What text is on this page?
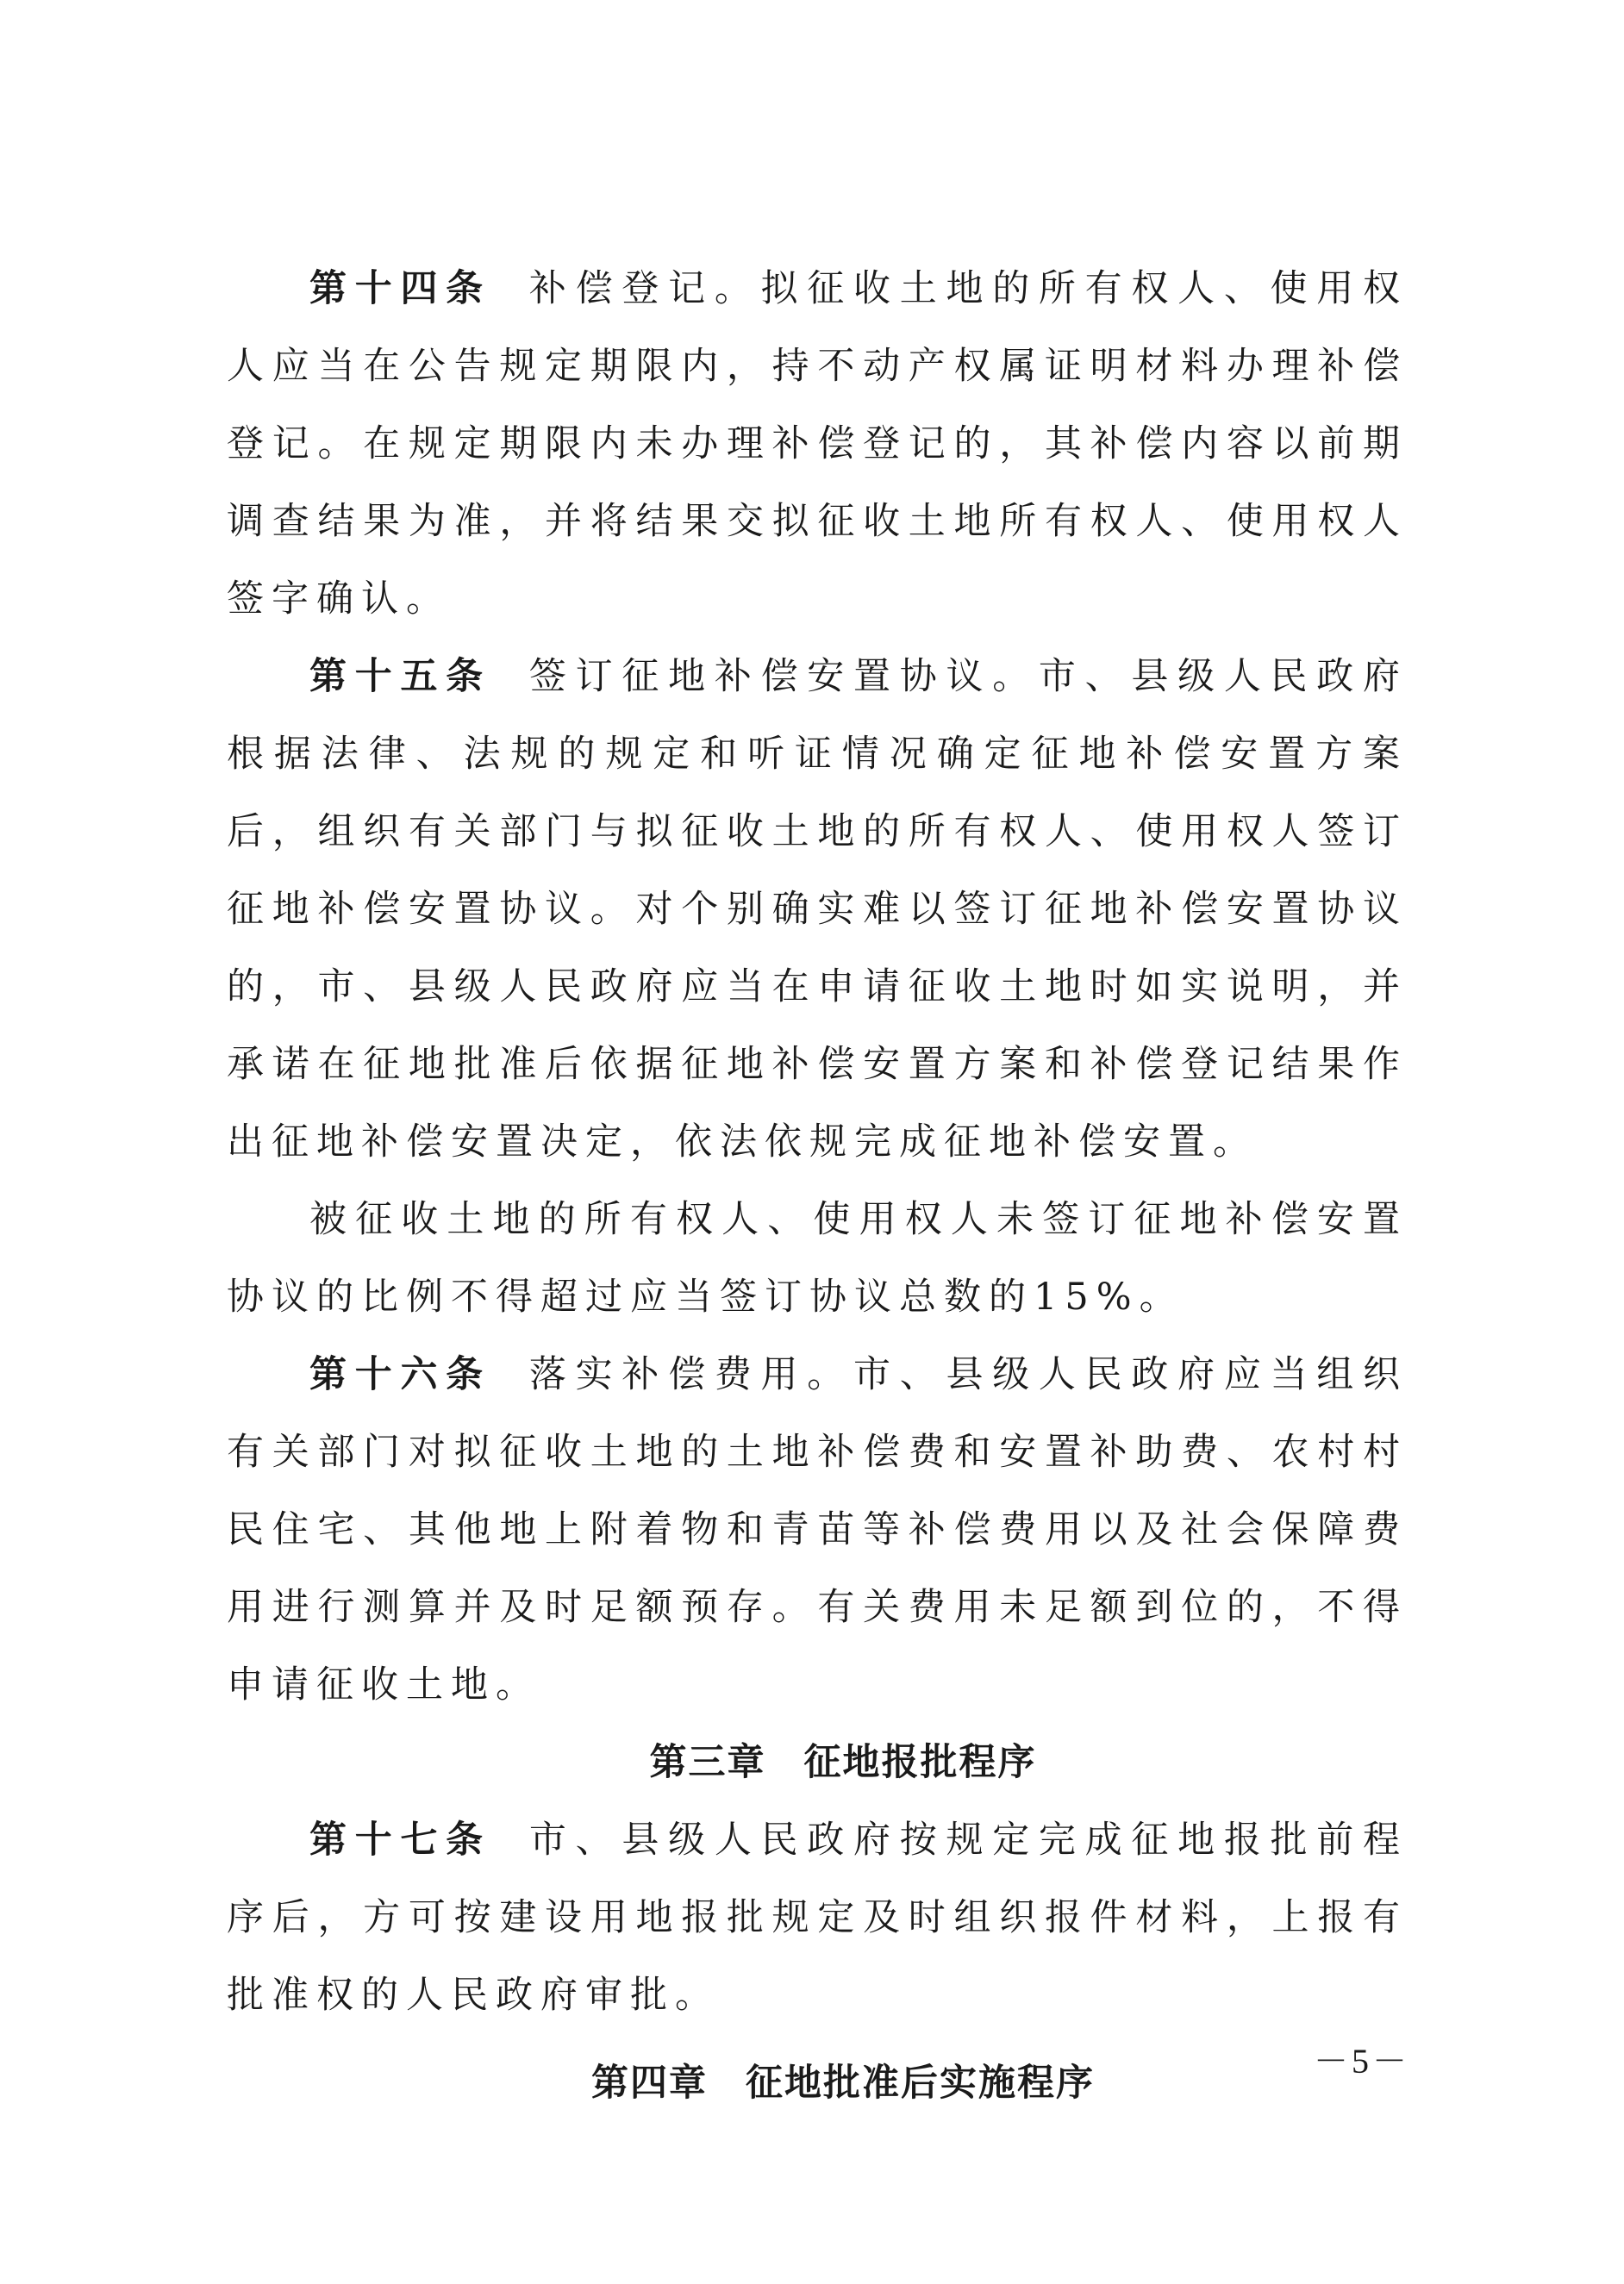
第十四条 补偿登记。拟征收土地的所有权人、使用权人应当在公告规定期限内，持不动产权属证明材料办理补偿登记。在规定期限内未办理补偿登记的，其补偿内容以前期调查结果为准，并将结果交拟征收土地所有权人、使用权人签字确认。

第十五条 签订征地补偿安置协议。市、县级人民政府根据法律、法规的规定和听证情况确定征地补偿安置方案后，组织有关部门与拟征收土地的所有权人、使用权人签订征地补偿安置协议。对个别确实难以签订征地补偿安置协议的，市、县级人民政府应当在申请征收土地时如实说明，并承诺在征地批准后依据征地补偿安置方案和补偿登记结果作出征地补偿安置决定，依法依规完成征地补偿安置。

被征收土地的所有权人、使用权人未签订征地补偿安置协议的比例不得超过应当签订协议总数的15%。

第十六条 落实补偿费用。市、县级人民政府应当组织有关部门对拟征收土地的土地补偿费和安置补助费、农村村民住宅、其他地上附着物和青苗等补偿费用以及社会保障费用进行测算并及时足额预存。有关费用未足额到位的，不得申请征收土地。

第三章 征地报批程序

第十七条 市、县级人民政府按规定完成征地报批前程序后，方可按建设用地报批规定及时组织报件材料，上报有批准权的人民政府审批。

第四章 征地批准后实施程序

－5－
